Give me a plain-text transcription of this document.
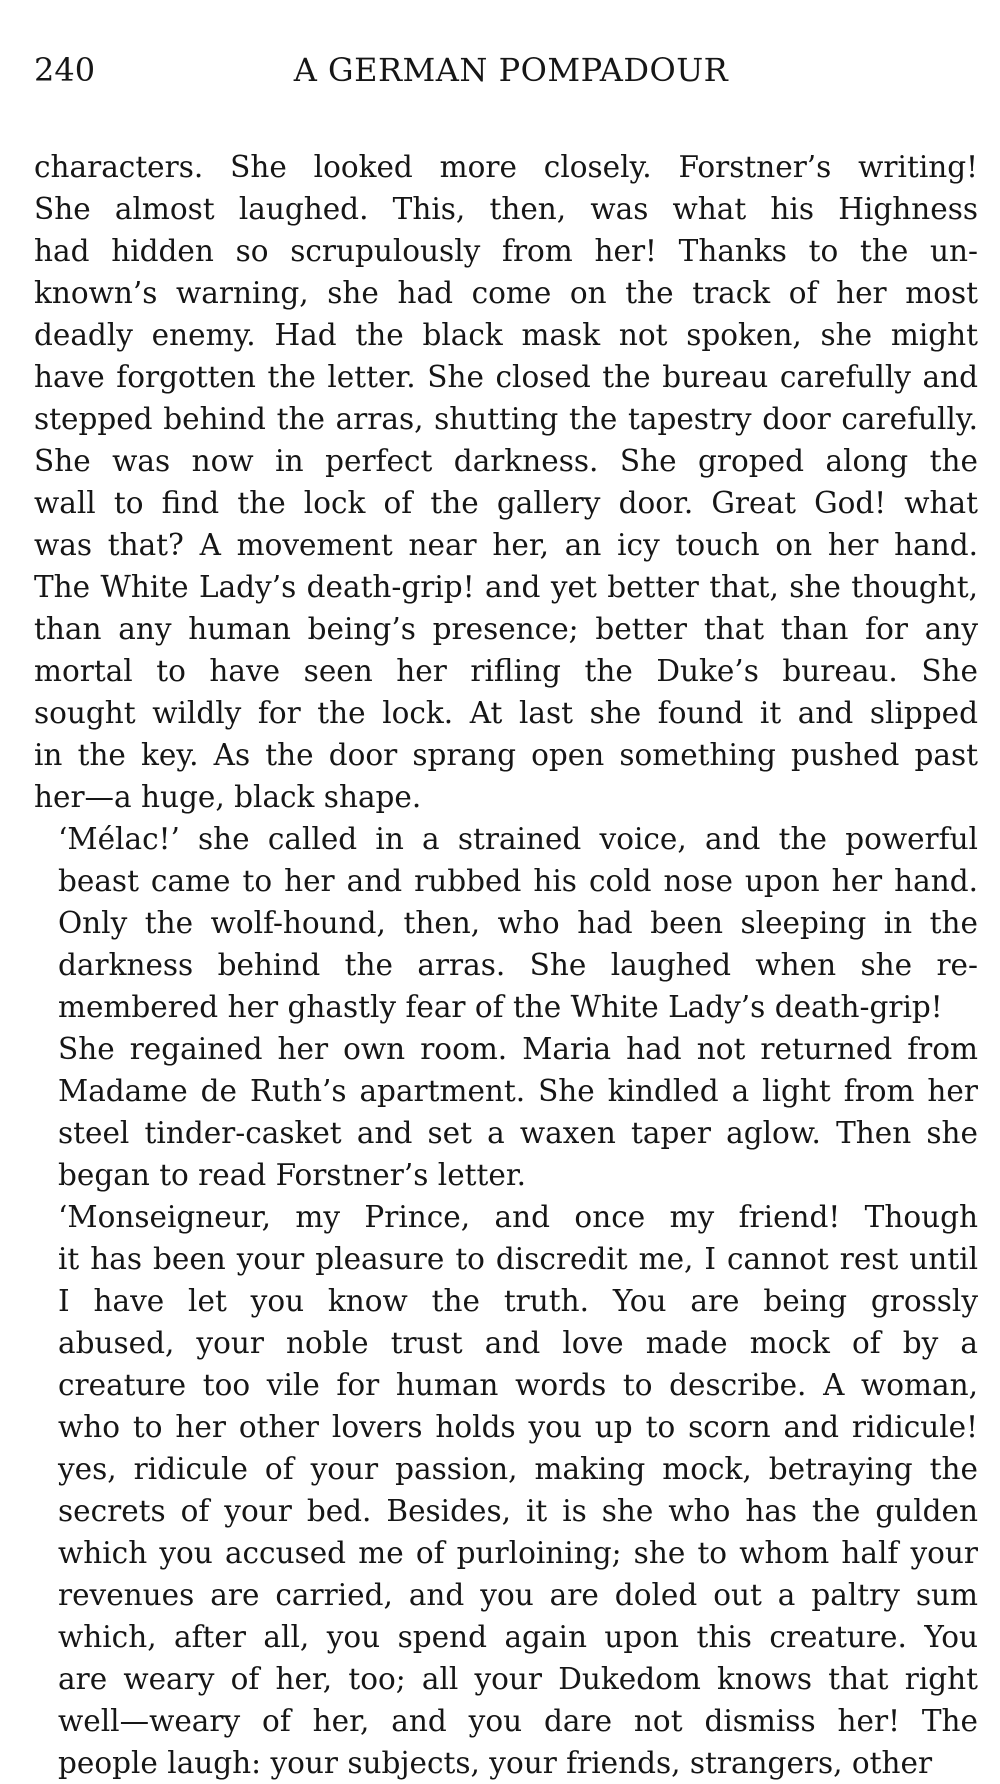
240	A GERMAN POMPADOUR

characters. She looked more closely. Forstner’s writing!
She almost laughed. This, then, was what his Highness
had hidden so scrupulously from her! Thanks to the un-
known’s warning, she had come on the track of her most
deadly enemy. Had the black mask not spoken, she might
have forgotten the letter. She closed the bureau carefully and
stepped behind the arras, shutting the tapestry door carefully.
She was now in perfect darkness. She groped along the
wall to find the lock of the gallery door. Great God! what
was that? A movement near her, an icy touch on her hand.
The White Lady’s death-grip! and yet better that, she thought,
than any human being’s presence; better that than for any
mortal to have seen her rifling the Duke’s bureau. She
sought wildly for the lock. At last she found it and slipped
in the key. As the door sprang open something pushed past
her—a huge, black shape.

‘Mélac!’ she called in a strained voice, and the powerful
beast came to her and rubbed his cold nose upon her hand.
Only the wolf-hound, then, who had been sleeping in the
darkness behind the arras. She laughed when she re-
membered her ghastly fear of the White Lady’s death-grip!

She regained her own room. Maria had not returned from
Madame de Ruth’s apartment. She kindled a light from her
steel tinder-casket and set a waxen taper aglow. Then she
began to read Forstner’s letter.

‘Monseigneur, my Prince, and once my friend! Though
it has been your pleasure to discredit me, I cannot rest until
I have let you know the truth. You are being grossly
abused, your noble trust and love made mock of by a
creature too vile for human words to describe. A woman,
who to her other lovers holds you up to scorn and ridicule!
yes, ridicule of your passion, making mock, betraying the
secrets of your bed. Besides, it is she who has the gulden
which you accused me of purloining; she to whom half your
revenues are carried, and you are doled out a paltry sum
which, after all, you spend again upon this creature. You
are weary of her, too; all your Dukedom knows that right
well—weary of her, and you dare not dismiss her! The
people laugh: your subjects, your friends, strangers, other
